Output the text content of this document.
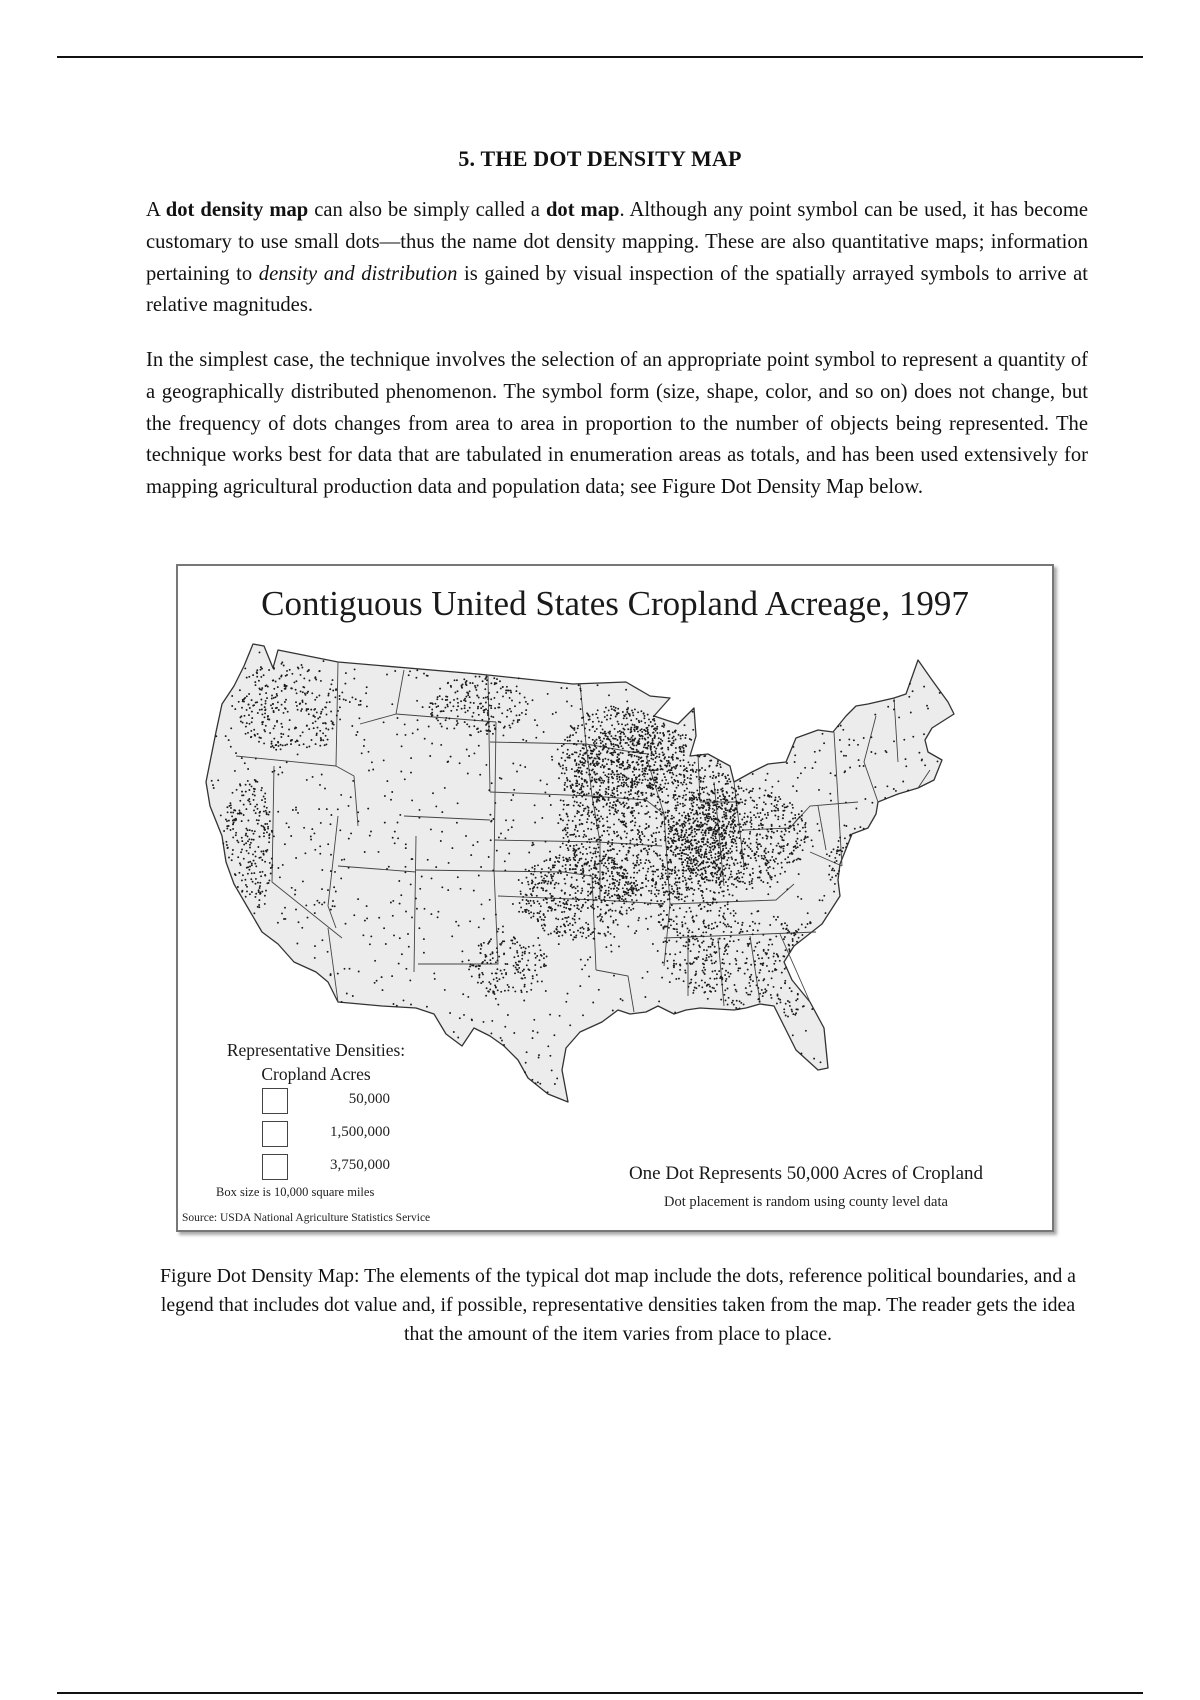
5. THE DOT DENSITY MAP

A dot density map can also be simply called a dot map. Although any point symbol can be used, it has become customary to use small dots—thus the name dot density mapping. These are also quantitative maps; information pertaining to density and distribution is gained by visual inspection of the spatially arrayed symbols to arrive at relative magnitudes.

In the simplest case, the technique involves the selection of an appropriate point symbol to represent a quantity of a geographically distributed phenomenon. The symbol form (size, shape, color, and so on) does not change, but the frequency of dots changes from area to area in proportion to the number of objects being represented. The technique works best for data that are tabulated in enumeration areas as totals, and has been used extensively for mapping agricultural production data and population data; see Figure Dot Density Map below.

Contiguous United States Cropland Acreage, 1997
Representative Densities:
Cropland Acres
50,000
1,500,000
3,750,000
Box size is 10,000 square miles
Source: USDA National Agriculture Statistics Service
One Dot Represents 50,000 Acres of Cropland
Dot placement is random using county level data

Figure Dot Density Map: The elements of the typical dot map include the dots, reference political boundaries, and a legend that includes dot value and, if possible, representative densities taken from the map. The reader gets the idea that the amount of the item varies from place to place.
